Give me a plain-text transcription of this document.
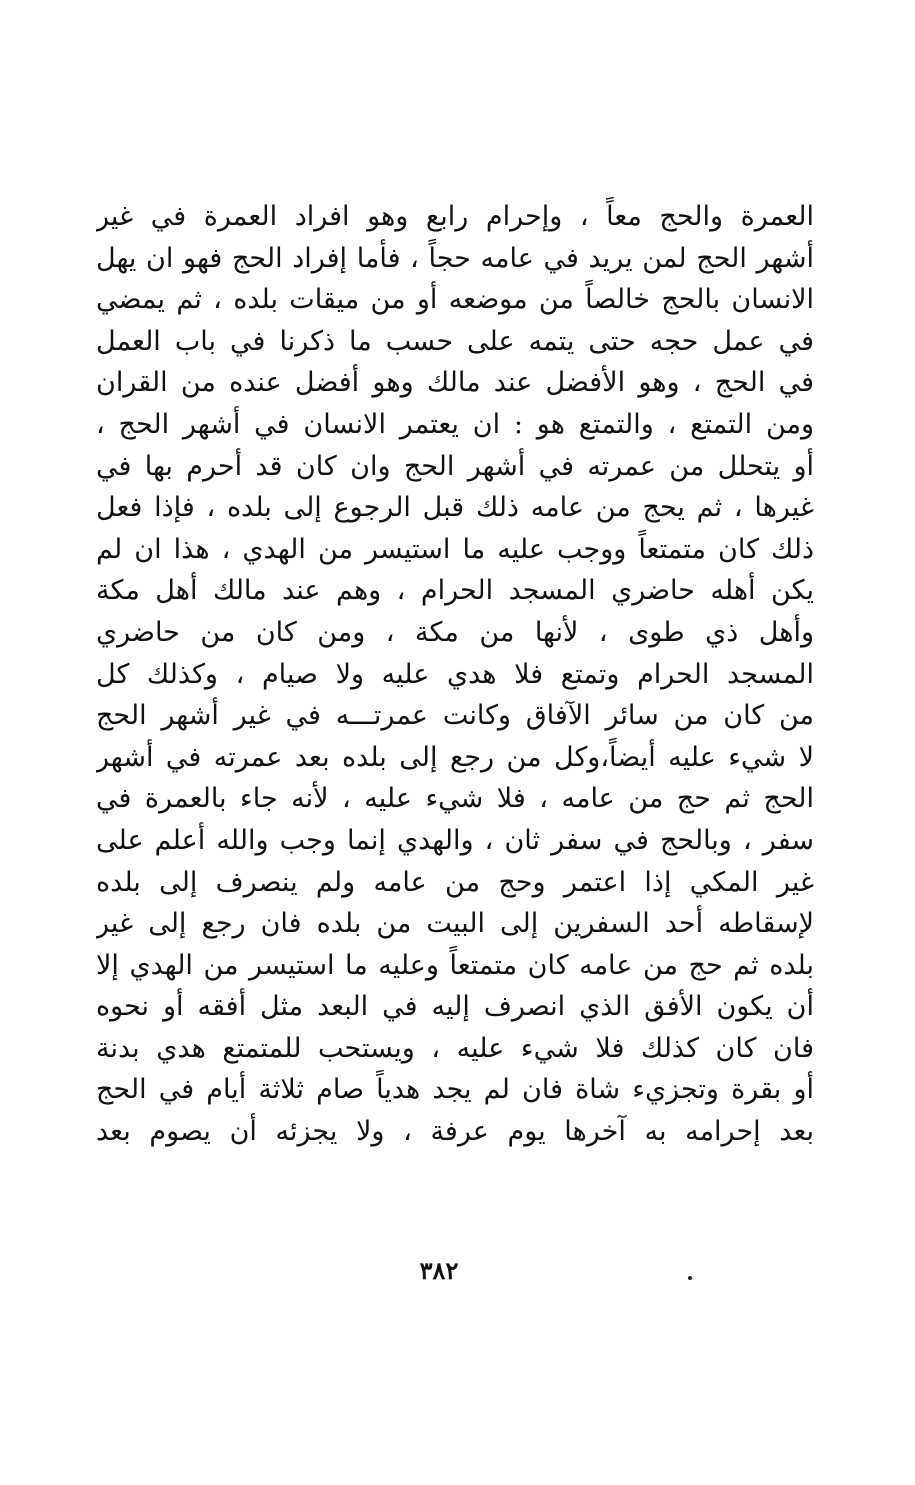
العمرة والحج معاً ، وإحرام رابع وهو افراد العمرة في غير
أشهر الحج لمن يريد في عامه حجاً ، فأما إفراد الحج فهو ان يهل
الانسان بالحج خالصاً من موضعه أو من ميقات بلده ، ثم يمضي
في عمل حجه حتى يتمه على حسب ما ذكرنا في باب العمل
في الحج ، وهو الأفضل عند مالك وهو أفضل عنده من القران
ومن التمتع ، والتمتع هو : ان يعتمر الانسان في أشهر الحج ،
أو يتحلل من عمرته في أشهر الحج وان كان قد أحرم بها في
غيرها ، ثم يحج من عامه ذلك قبل الرجوع إلى بلده ، فإذا فعل
ذلك كان متمتعاً ووجب عليه ما استيسر من الهدي ، هذا ان لم
يكن أهله حاضري المسجد الحرام ، وهم عند مالك أهل مكة
وأهل ذي طوى ، لأنها من مكة ، ومن كان من حاضري
المسجد الحرام وتمتع فلا هدي عليه ولا صيام ، وكذلك كل
من كان من سائر الآفاق وكانت عمرتـــه في غير أشهر الحج
لا شيء عليه أيضاً،وكل من رجع إلى بلده بعد عمرته في أشهر
الحج ثم حج من عامه ، فلا شيء عليه ، لأنه جاء بالعمرة في
سفر ، وبالحج في سفر ثان ، والهدي إنما وجب والله أعلم على
غير المكي إذا اعتمر وحج من عامه ولم ينصرف إلى بلده
لإسقاطه أحد السفرين إلى البيت من بلده فان رجع إلى غير
بلده ثم حج من عامه كان متمتعاً وعليه ما استيسر من الهدي إلا
أن يكون الأفق الذي انصرف إليه في البعد مثل أفقه أو نحوه
فان كان كذلك فلا شيء عليه ، ويستحب للمتمتع هدي بدنة
أو بقرة وتجزيء شاة فان لم يجد هدياً صام ثلاثة أيام في الحج
بعد إحرامه به آخرها يوم عرفة ، ولا يجزئه أن يصوم بعد
٣٨٢
